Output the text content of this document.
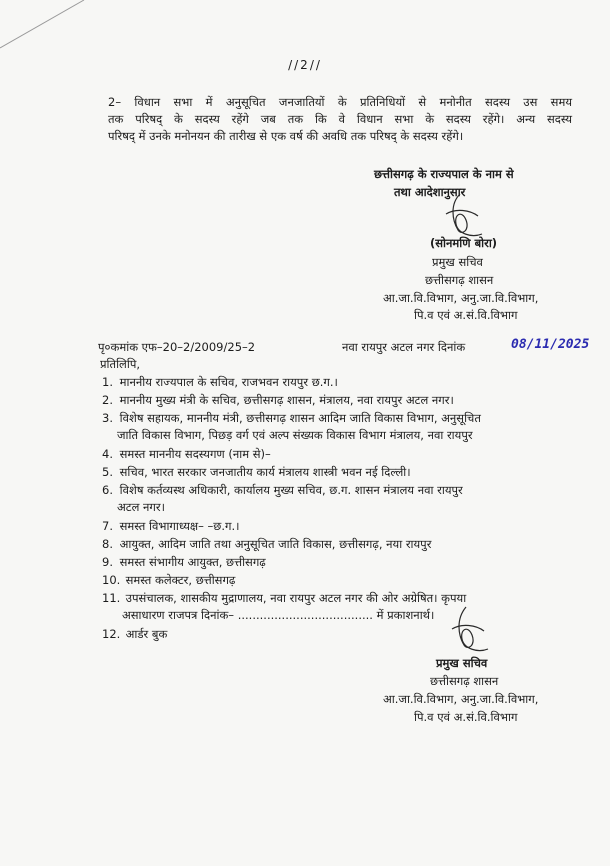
//2//
2– विधान सभा में अनुसूचित जनजातियों के प्रतिनिधियों से मनोनीत सदस्य उस समय
तक परिषद् के सदस्य रहेंगे जब तक कि वे विधान सभा के सदस्य रहेंगे। अन्य सदस्य
परिषद् में उनके मनोनयन की तारीख से एक वर्ष की अवधि तक परिषद् के सदस्य रहेंगे।
छत्तीसगढ़ के राज्यपाल के नाम से
तथा आदेशानुसार
(सोनमणि बोरा)
प्रमुख सचिव
छत्तीसगढ़ शासन
आ.जा.वि.विभाग, अनु.जा.वि.विभाग,
पि.व एवं अ.सं.वि.विभाग
पृ०कमांक एफ–20–2/2009/25–2	नवा रायपुर अटल नगर दिनांक	08/11/2025
प्रतिलिपि,
1. माननीय राज्यपाल के सचिव, राजभवन रायपुर छ.ग.।
2. माननीय मुख्य मंत्री के सचिव, छत्तीसगढ़ शासन, मंत्रालय, नवा रायपुर अटल नगर।
3. विशेष सहायक, माननीय मंत्री, छत्तीसगढ़ शासन आदिम जाति विकास विभाग, अनुसूचित
जाति विकास विभाग, पिछड़ वर्ग एवं अल्प संख्यक विकास विभाग मंत्रालय, नवा रायपुर
4. समस्त माननीय सदस्यगण (नाम से)–
5. सचिव, भारत सरकार जनजातीय कार्य मंत्रालय शास्त्री भवन नई दिल्ली।
6. विशेष कर्तव्यस्थ अधिकारी, कार्यालय मुख्य सचिव, छ.ग. शासन मंत्रालय नवा रायपुर
अटल नगर।
7. समस्त विभागाध्यक्ष– –छ.ग.।
8. आयुक्त, आदिम जाति तथा अनुसूचित जाति विकास, छत्तीसगढ़, नया रायपुर
9. समस्त संभागीय आयुक्त, छत्तीसगढ़
10. समस्त कलेक्टर, छत्तीसगढ़
11. उपसंचालक, शासकीय मुद्राणालय, नवा रायपुर अटल नगर की ओर अग्रेषित। कृपया
असाधारण राजपत्र दिनांक– ..................................... में प्रकाशनार्थ।
12. आर्डर बुक
प्रमुख सचिव
छत्तीसगढ़ शासन
आ.जा.वि.विभाग, अनु.जा.वि.विभाग,
पि.व एवं अ.सं.वि.विभाग
